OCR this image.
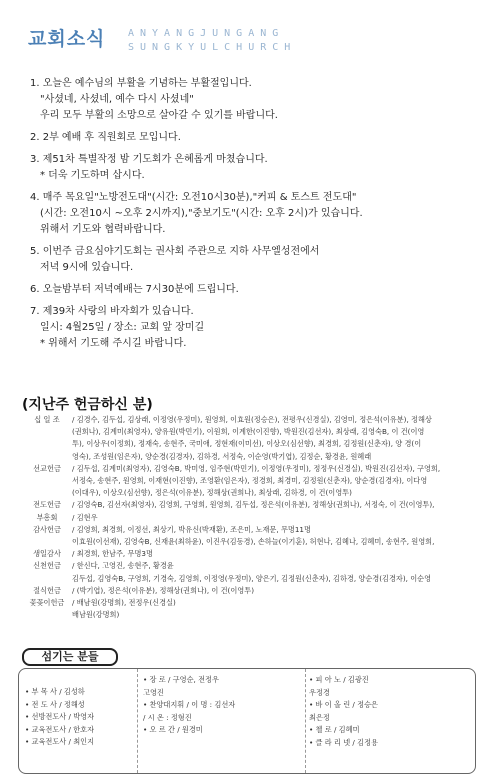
교회소식 ANYANGJUNGANG
SUNGKYULCHURCH
1. 오늘은 예수님의 부활을 기념하는 부활절입니다.
"사셨네, 사셨네, 예수 다시 사셨네"
우리 모두 부활의 소망으로 살아갈 수 있기를 바랍니다.
2. 2부 예배 후 직원회로 모입니다.
3. 제51차 특별작정 밤 기도회가 은혜롭게 마쳤습니다.
* 더욱 기도하며 삽시다.
4. 매주 목요일"노방전도대"(시간: 오전10시30분),"커피 & 토스트 전도대"
(시간: 오전10시 ~오후 2시까지),"중보기도"(시간: 오후 2시)가 있습니다.
위해서 기도와 협력바랍니다.
5. 이번주 금요심야기도회는 권사회 주관으로 지하 사무엘성전에서
저녁 9시에 있습니다.
6. 오늘밤부터 저녁예배는 7시30분에 드립니다.
7. 제39차 사랑의 바자회가 있습니다.
일시: 4월25일 / 장소: 교회 앞 장미길
* 위해서 기도해 주시길 바랍니다.
(지난주 헌금하신 분)
십 일 조	/ 김경수, 김두섭, 김상래, 이정영(우정미), 원영희, 이효원(정승은), 전평우(신경실), 김영미, 정은석(이유분), 정해상
(권희나), 김계미(최영자), 양유원(박민기), 이원희, 이계한(이진향), 박원진(김선자), 최상래, 김영숙B, 이 건(이영
투), 이상우(이정희), 정재숙, 송현주, 국미애, 정현재(이미선), 이상오(심선향), 최경희, 김정원(신춘자), 양 경(이
영숙), 조성원(임은자), 양순경(김경자), 김하경, 서정숙, 이순영(박기엽), 김정순, 황경윤, 원혜래
선교헌금	/ 김두섭, 김계미(최영자), 김영숙B, 박미영, 임주현(박민기), 이정영(우정미), 정정우(신경실), 박원진(김선자), 구영희,
서정숙, 송현주, 원영희, 이재현(이진향), 조영환(임은자), 정경희, 최경미, 김정원(신춘자), 양순경(김경자), 이다영
(이대우), 이상오(심선향), 정은석(이유분), 정해상(권희나), 최상래, 김하경, 이 건(이영투)
전도헌금	/ 김영숙B, 김선자(최영자), 김영희, 구영희, 원영희, 김두섭, 정은석(이유분), 정해상(권희나), 서정숙, 이 건(이영투),
부흥회	/ 김현우
감사헌금	/ 김영희, 최경희, 이정선, 최상기, 박유신(박재환), 조은미, 노재문, 무명11명
이효원(이선재), 김영숙B, 신재윤(최하윤), 이진우(김동경), 손하늘(이기훈), 허현나, 김혜나, 김혜미, 송현주, 원영희,
생일감사	/ 최경희, 한남주, 무명3명
신천헌금	/ 한신다, 고영진, 송현주, 황경윤
김두섭, 김영숙B, 구영희, 기경숙, 김영희, 이정영(우정미), 양은기, 김정원(신춘자), 김하경, 양순경(김경자), 이순영
절식헌금	/ (박기엽), 정은석(이유분), 정해상(권희나), 이 건(이영투)
꽃꽂이헌금	/ 배남원(강명희), 전정우(신경실)
배남원(강명희)
섬기는 분들
• 부 목 사 / 김성하
• 전 도 사 / 정해성
• 선방전도사 / 박영자
• 교육전도사 / 한호자
• 교육전도사 / 최인지
• 장 로 / 구영순, 전정우
고영진
• 찬양대지휘 / 이 명 : 김선자
/ 시 온 : 정형진
• 오 르 간 / 원경미
• 피 아 노 / 김광진
우정경
• 바 이 올 린 / 정승은
최은정
• 첼 로 / 김혜미
• 클 라 리 넷 / 김정용
